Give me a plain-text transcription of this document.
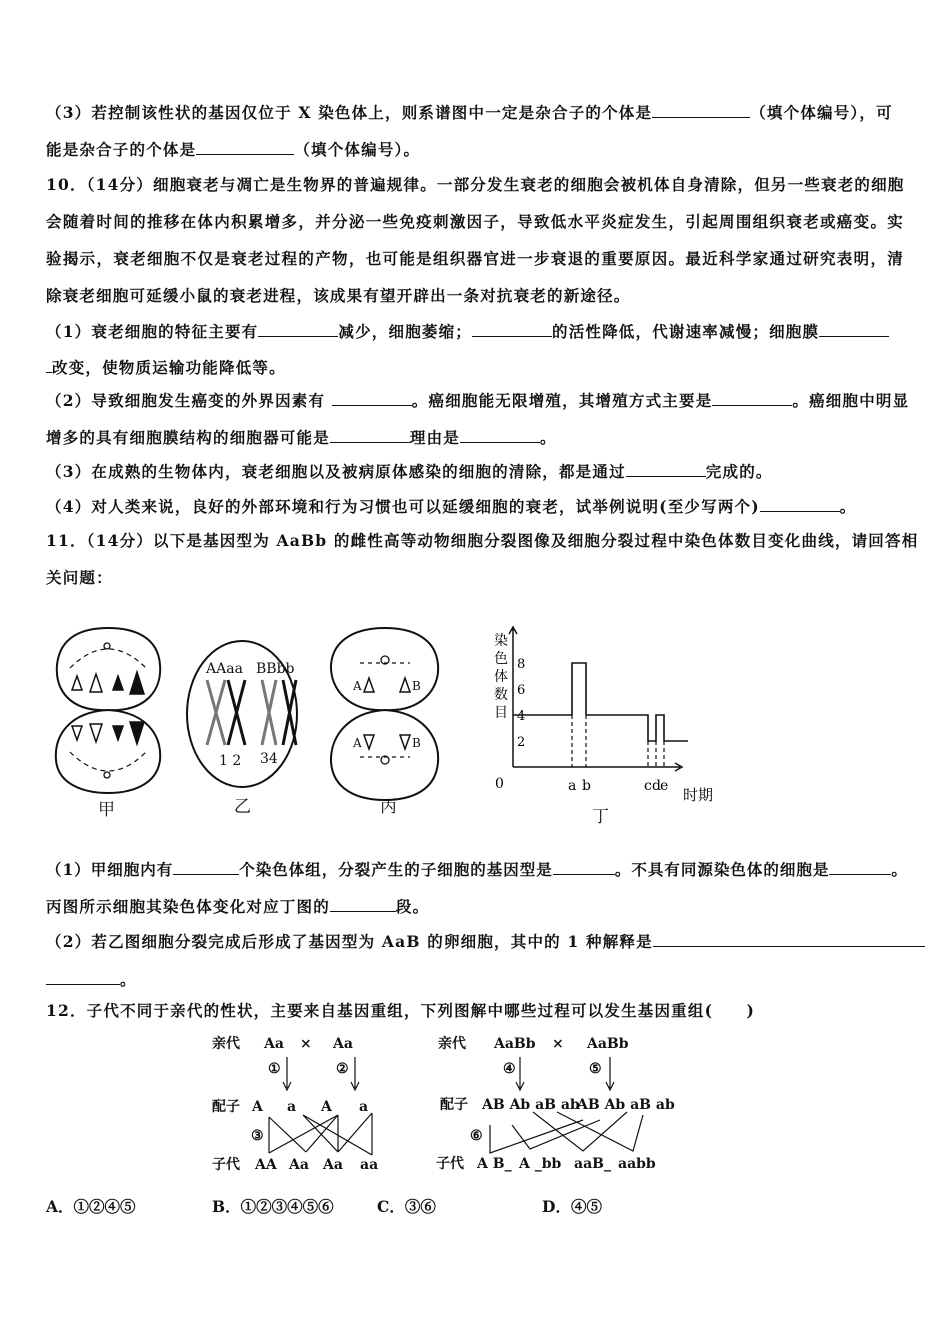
（3）若控制该性状的基因仅位于 X 染色体上，则系谱图中一定是杂合子的个体是	（填个体编号），可
能是杂合子的个体是	（填个体编号）。
10．（14分）细胞衰老与凋亡是生物界的普遍规律。一部分发生衰老的细胞会被机体自身清除，但另一些衰老的细胞
会随着时间的推移在体内积累增多，并分泌一些免疫刺激因子，导致低水平炎症发生，引起周围组织衰老或癌变。实
验揭示，衰老细胞不仅是衰老过程的产物，也可能是组织器官进一步衰退的重要原因。最近科学家通过研究表明，清
除衰老细胞可延缓小鼠的衰老进程，该成果有望开辟出一条对抗衰老的新途径。
（1）衰老细胞的特征主要有	减少，细胞萎缩；	的活性降低，代谢速率减慢；细胞膜
改变，使物质运输功能降低等。
（2）导致细胞发生癌变的外界因素有	。癌细胞能无限增殖，其增殖方式主要是	。癌细胞中明显
增多的具有细胞膜结构的细胞器可能是	理由是	。
（3）在成熟的生物体内，衰老细胞以及被病原体感染的细胞的清除，都是通过	完成的。
（4）对人类来说，良好的外部环境和行为习惯也可以延缓细胞的衰老，试举例说明(至少写两个)	。
11．（14分）以下是基因型为 AaBb 的雌性高等动物细胞分裂图像及细胞分裂过程中染色体数目变化曲线，请回答相
关问题：
AAaa BBbb
1 2 34
A	B
A	B
甲	乙	丙	丁
染色体数目
时期
0
8
6
4
2
a b	c d e
亲代 Aa × Aa
①	②
配子 A a A a
③
子代 AA Aa Aa aa
亲代 AaBb × AaBb
④	⑤
配子 AB Ab aB ab
AB Ab aB ab
⑥
子代 A B_ A _bb aaB_ aabb
（1）甲细胞内有	个染色体组，分裂产生的子细胞的基因型是	。不具有同源染色体的细胞是	。
丙图所示细胞其染色体变化对应丁图的	段。
（2）若乙图细胞分裂完成后形成了基因型为 AaB 的卵细胞，其中的 1 种解释是
。
12．子代不同于亲代的性状，主要来自基因重组，下列图解中哪些过程可以发生基因重组(　　)
A．①②④⑤	B．①②③④⑤⑥	C．③⑥	D．④⑤
